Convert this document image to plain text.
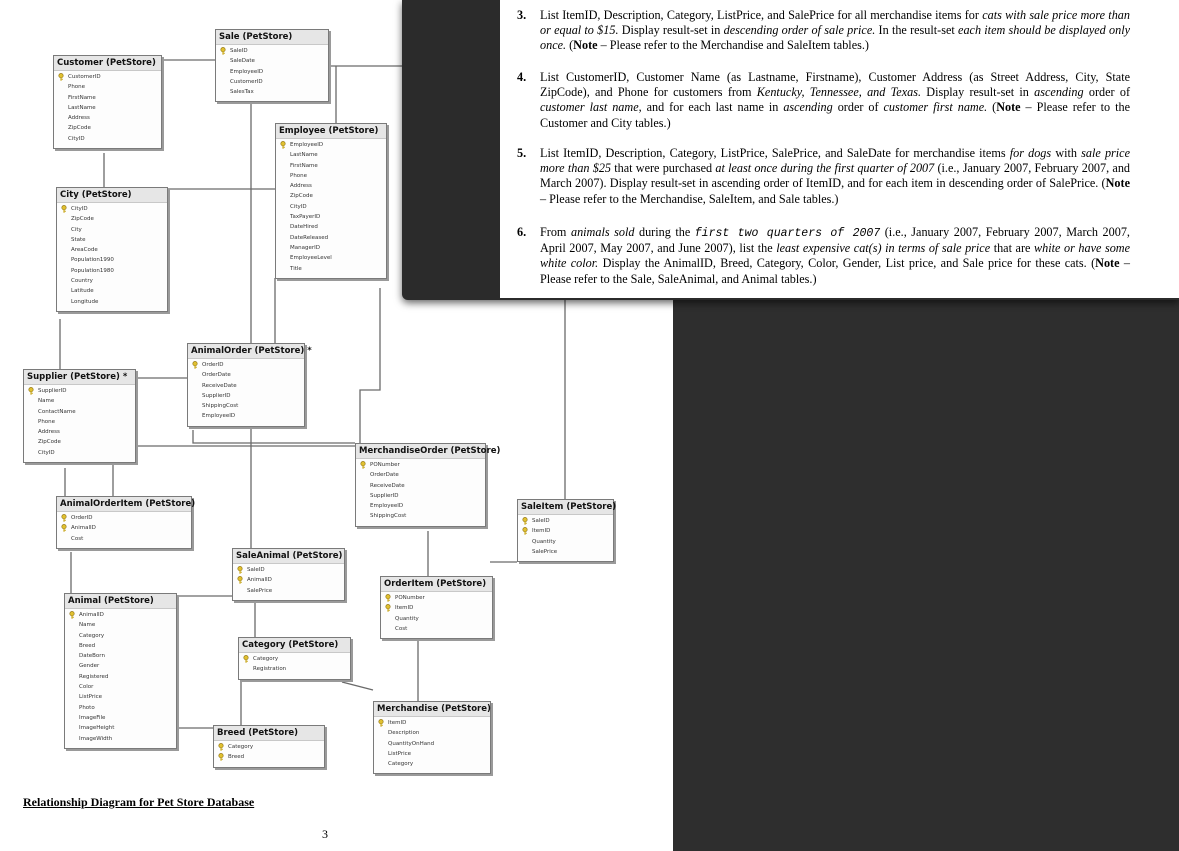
Sale (PetStore)
SaleID
SaleDate
EmployeeID
CustomerID
SalesTax
Customer (PetStore)
CustomerID
Phone
FirstName
LastName
Address
ZipCode
CityID
Employee (PetStore)
EmployeeID
LastName
FirstName
Phone
Address
ZipCode
CityID
TaxPayerID
DateHired
DateReleased
ManagerID
EmployeeLevel
Title
City (PetStore)
CityID
ZipCode
City
State
AreaCode
Population1990
Population1980
Country
Latitude
Longitude
AnimalOrder (PetStore) *
OrderID
OrderDate
ReceiveDate
SupplierID
ShippingCost
EmployeeID
Supplier (PetStore) *
SupplierID
Name
ContactName
Phone
Address
ZipCode
CityID	MerchandiseOrder (PetStore)
PONumber
OrderDate
ReceiveDate
SupplierID
EmployeeID
ShippingCost
AnimalOrderItem (PetStore)
OrderID
AnimalID
Cost
SaleItem (PetStore)
SaleID
ItemID
Quantity
SalePrice
SaleAnimal (PetStore)
SaleID
AnimalID
SalePrice
OrderItem (PetStore)
PONumber
ItemID
Quantity
Cost
Animal (PetStore)
AnimalID
Name
Category
Breed
DateBorn
Gender
Registered
Color
ListPrice
Photo
ImageFile
ImageHeight
ImageWidth
Category (PetStore)
Category
Registration
Merchandise (PetStore)
ItemID
Description
QuantityOnHand
ListPrice
Category
Breed (PetStore)
Category
Breed
Relationship Diagram for Pet Store Database
3
3. List ItemID, Description, Category, ListPrice, and SalePrice for all merchandise items for cats with sale price more than or equal to $15. Display result-set in descending order of sale price. In the result-set each item should be displayed only once. (Note – Please refer to the Merchandise and SaleItem tables.)
4. List CustomerID, Customer Name (as Lastname, Firstname), Customer Address (as Street Address, City, State ZipCode), and Phone for customers from Kentucky, Tennessee, and Texas. Display result-set in ascending order of customer last name, and for each last name in ascending order of customer first name. (Note – Please refer to the Customer and City tables.)
5. List ItemID, Description, Category, ListPrice, SalePrice, and SaleDate for merchandise items for dogs with sale price more than $25 that were purchased at least once during the first quarter of 2007 (i.e., January 2007, February 2007, and March 2007). Display result-set in ascending order of ItemID, and for each item in descending order of SalePrice. (Note – Please refer to the Merchandise, SaleItem, and Sale tables.)
6. From animals sold during the first two quarters of 2007 (i.e., January 2007, February 2007, March 2007, April 2007, May 2007, and June 2007), list the least expensive cat(s) in terms of sale price that are white or have some white color. Display the AnimalID, Breed, Category, Color, Gender, List price, and Sale price for these cats. (Note – Please refer to the Sale, SaleAnimal, and Animal tables.)
